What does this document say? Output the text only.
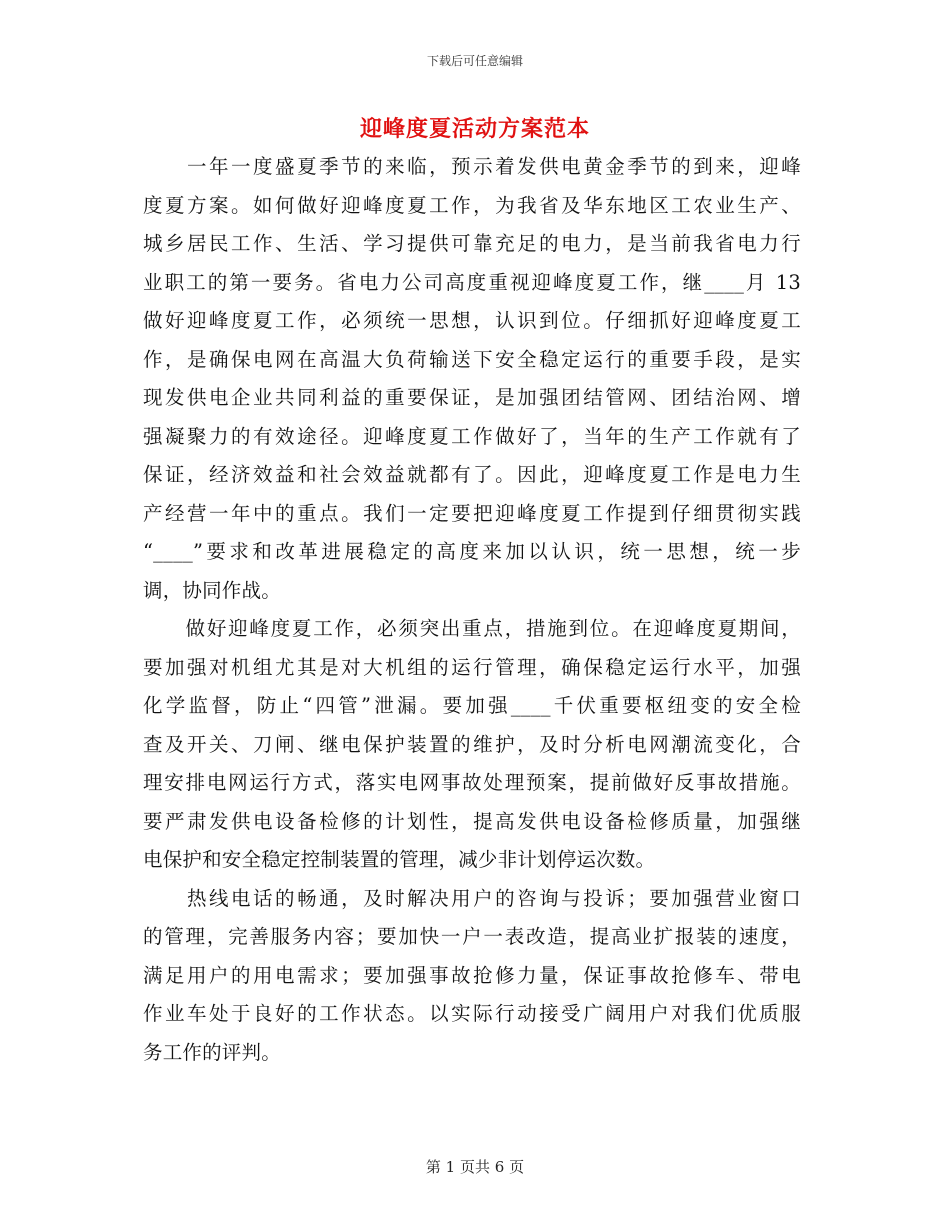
下载后可任意编辑
迎峰度夏活动方案范本
　　一年一度盛夏季节的来临，预示着发供电黄金季节的到来，迎峰
度夏方案。如何做好迎峰度夏工作，为我省及华东地区工农业生产、
城乡居民工作、生活、学习提供可靠充足的电力，是当前我省电力行
业职工的第一要务。省电力公司高度重视迎峰度夏工作，继____月 13
做好迎峰度夏工作，必须统一思想，认识到位。仔细抓好迎峰度夏工
作，是确保电网在高温大负荷输送下安全稳定运行的重要手段，是实
现发供电企业共同利益的重要保证，是加强团结管网、团结治网、增
强凝聚力的有效途径。迎峰度夏工作做好了，当年的生产工作就有了
保证，经济效益和社会效益就都有了。因此，迎峰度夏工作是电力生
产经营一年中的重点。我们一定要把迎峰度夏工作提到仔细贯彻实践
“____”要求和改革进展稳定的高度来加以认识，统一思想，统一步
调，协同作战。
　　做好迎峰度夏工作，必须突出重点，措施到位。在迎峰度夏期间，
要加强对机组尤其是对大机组的运行管理，确保稳定运行水平，加强
化学监督，防止“四管”泄漏。要加强____千伏重要枢纽变的安全检
查及开关、刀闸、继电保护装置的维护，及时分析电网潮流变化，合
理安排电网运行方式，落实电网事故处理预案，提前做好反事故措施。
要严肃发供电设备检修的计划性，提高发供电设备检修质量，加强继
电保护和安全稳定控制装置的管理，减少非计划停运次数。
　　热线电话的畅通，及时解决用户的咨询与投诉；要加强营业窗口
的管理，完善服务内容；要加快一户一表改造，提高业扩报装的速度，
满足用户的用电需求；要加强事故抢修力量，保证事故抢修车、带电
作业车处于良好的工作状态。以实际行动接受广阔用户对我们优质服
务工作的评判。
第 1 页共 6 页
